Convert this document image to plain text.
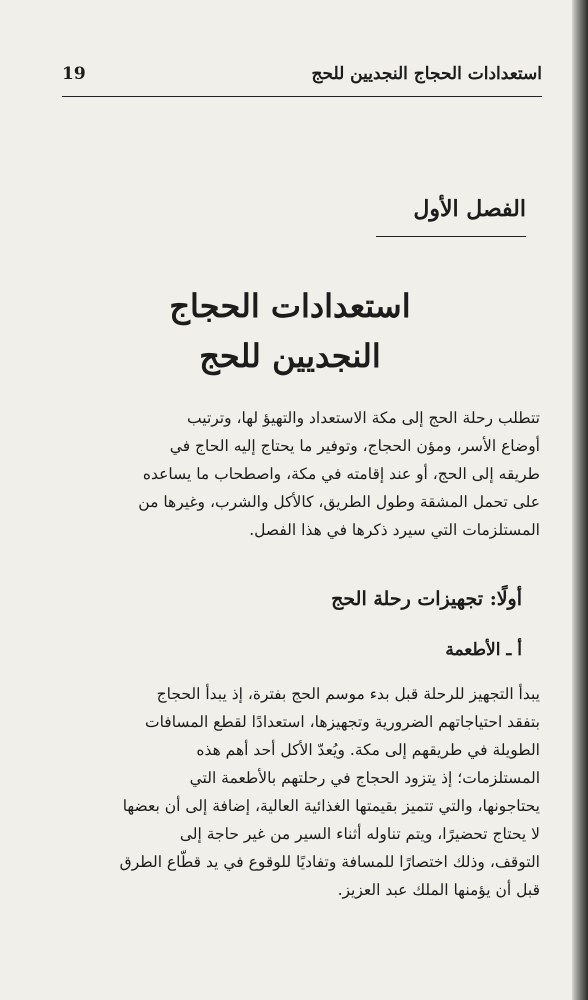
استعدادات الحجاج النجديين للحج
19
الفصل الأول
استعدادات الحجاج
النجديين للحج
تتطلب رحلة الحج إلى مكة الاستعداد والتهيؤ لها، وترتيب
أوضاع الأسر، ومؤن الحجاج، وتوفير ما يحتاج إليه الحاج في
طريقه إلى الحج، أو عند إقامته في مكة، واصطحاب ما يساعده
على تحمل المشقة وطول الطريق، كالأكل والشرب، وغيرها من
المستلزمات التي سيرد ذكرها في هذا الفصل.
أولًا: تجهيزات رحلة الحج
أ ـ الأطعمة
يبدأ التجهيز للرحلة قبل بدء موسم الحج بفترة، إذ يبدأ الحجاج
بتفقد احتياجاتهم الضرورية وتجهيزها، استعدادًا لقطع المسافات
الطويلة في طريقهم إلى مكة. ويُعدّ الأكل أحد أهم هذه
المستلزمات؛ إذ يتزود الحجاج في رحلتهم بالأطعمة التي
يحتاجونها، والتي تتميز بقيمتها الغذائية العالية، إضافة إلى أن بعضها
لا يحتاج تحضيرًا، ويتم تناوله أثناء السير من غير حاجة إلى
التوقف، وذلك اختصارًا للمسافة وتفاديًا للوقوع في يد قطّاع الطرق
قبل أن يؤمنها الملك عبد العزيز.
